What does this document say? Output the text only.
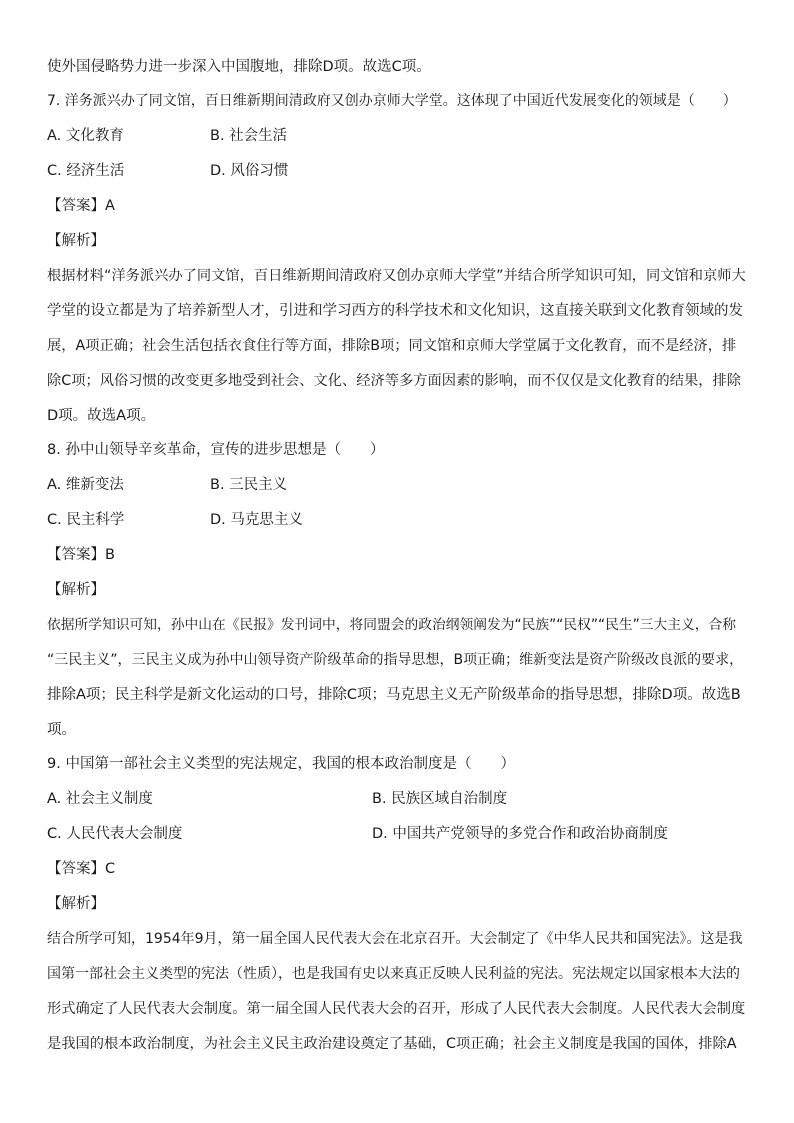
使外国侵略势力进一步深入中国腹地，排除D项。故选C项。
7. 洋务派兴办了同文馆，百日维新期间清政府又创办京师大学堂。这体现了中国近代发展变化的领域是（　　）
A. 文化教育	B. 社会生活
C. 经济生活	D. 风俗习惯
【答案】A
【解析】
根据材料“洋务派兴办了同文馆，百日维新期间清政府又创办京师大学堂”并结合所学知识可知，同文馆和京师大
学堂的设立都是为了培养新型人才，引进和学习西方的科学技术和文化知识，这直接关联到文化教育领域的发
展，A项正确；社会生活包括衣食住行等方面，排除B项；同文馆和京师大学堂属于文化教育，而不是经济，排
除C项；风俗习惯的改变更多地受到社会、文化、经济等多方面因素的影响，而不仅仅是文化教育的结果，排除
D项。故选A项。
8. 孙中山领导辛亥革命，宣传的进步思想是（　　）
A. 维新变法	B. 三民主义
C. 民主科学	D. 马克思主义
【答案】B
【解析】
依据所学知识可知，孙中山在《民报》发刊词中，将同盟会的政治纲领阐发为“民族”“民权”“民生”三大主义，合称
“三民主义”，三民主义成为孙中山领导资产阶级革命的指导思想，B项正确；维新变法是资产阶级改良派的要求，
排除A项；民主科学是新文化运动的口号，排除C项；马克思主义无产阶级革命的指导思想，排除D项。故选B
项。
9. 中国第一部社会主义类型的宪法规定，我国的根本政治制度是（　　）
A. 社会主义制度	B. 民族区域自治制度
C. 人民代表大会制度	D. 中国共产党领导的多党合作和政治协商制度
【答案】C
【解析】
结合所学可知，1954年9月，第一届全国人民代表大会在北京召开。大会制定了《中华人民共和国宪法》。这是我
国第一部社会主义类型的宪法（性质），也是我国有史以来真正反映人民利益的宪法。宪法规定以国家根本大法的
形式确定了人民代表大会制度。第一届全国人民代表大会的召开，形成了人民代表大会制度。人民代表大会制度
是我国的根本政治制度，为社会主义民主政治建设奠定了基础，C项正确；社会主义制度是我国的国体，排除A
